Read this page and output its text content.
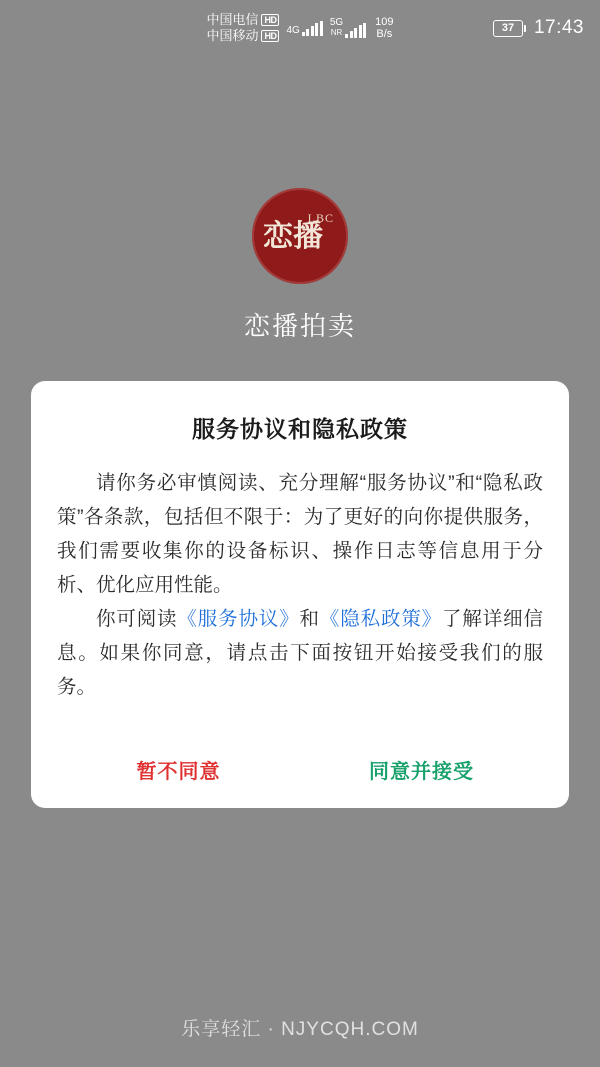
中国电信 HD
中国移动 HD
4G
5G
NR
109
B/s	37	17:43
恋播
LBC
恋播拍卖
服务协议和隐私政策

请你务必审慎阅读、充分理解“服务协议”和“隐私政策”各条款，包括但不限于：为了更好的向你提供服务，我们需要收集你的设备标识、操作日志等信息用于分析、优化应用性能。

你可阅读《服务协议》和《隐私政策》了解详细信息。如果你同意，请点击下面按钮开始接受我们的服务。

暂不同意	同意并接受
乐享轻汇 · NJYCQH.COM
